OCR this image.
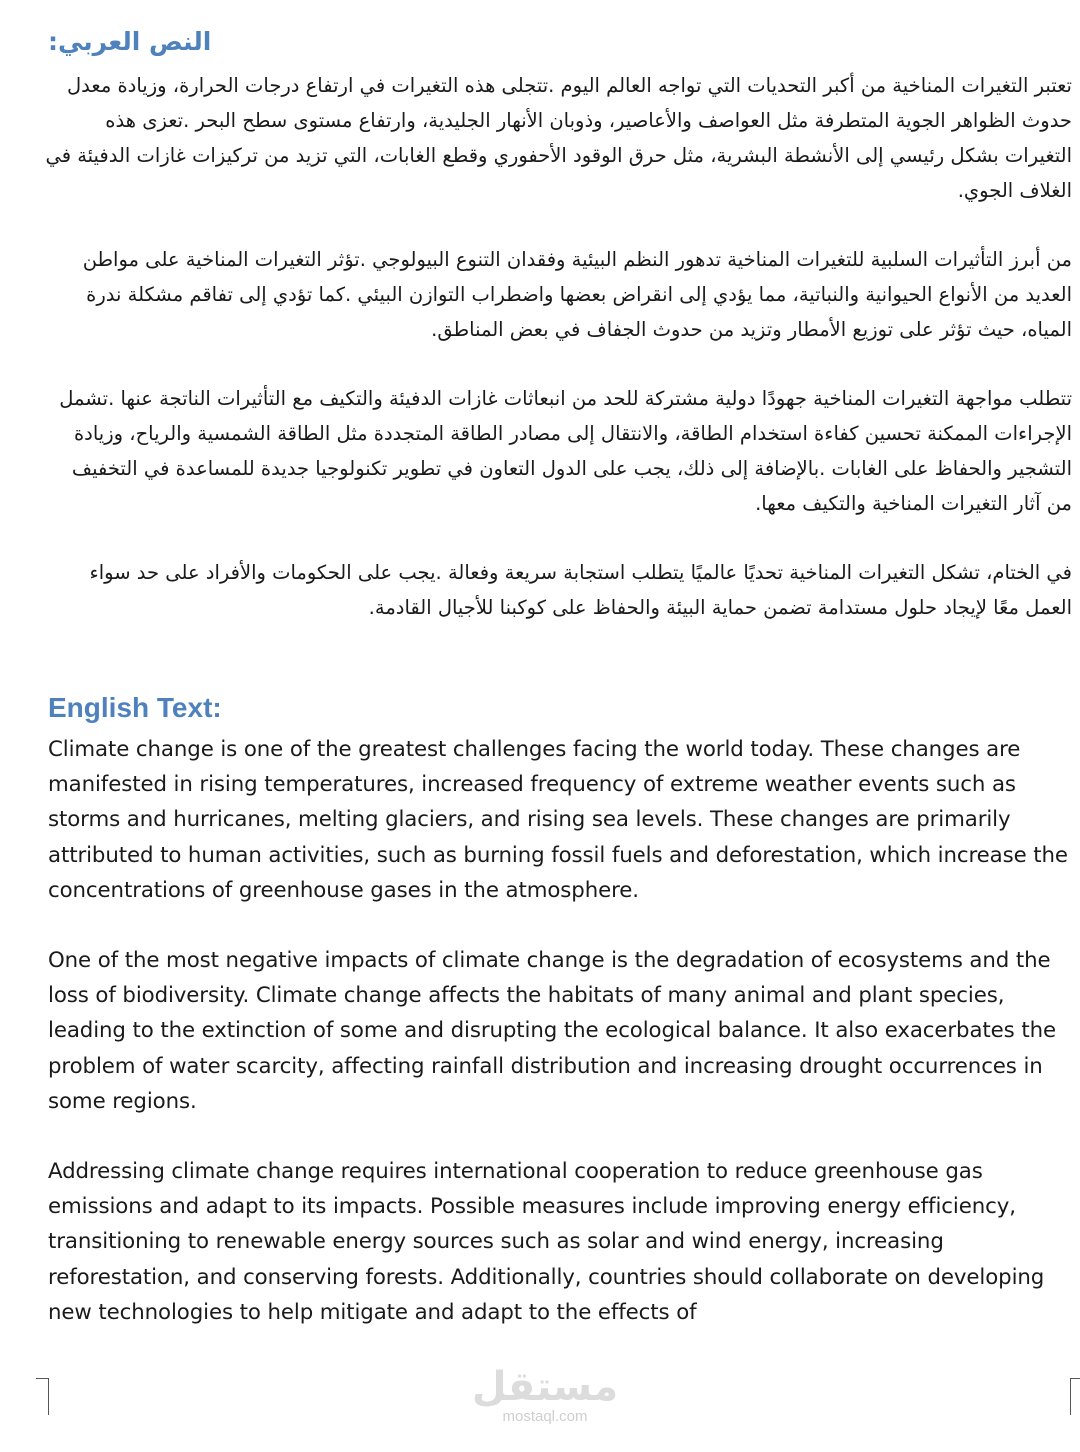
النص العربي:

تعتبر التغيرات المناخية من أكبر التحديات التي تواجه العالم اليوم .تتجلى هذه التغيرات في ارتفاع درجات الحرارة، وزيادة معدل حدوث الظواهر الجوية المتطرفة مثل العواصف والأعاصير، وذوبان الأنهار الجليدية، وارتفاع مستوى سطح البحر .تعزى هذه التغيرات بشكل رئيسي إلى الأنشطة البشرية، مثل حرق الوقود الأحفوري وقطع الغابات، التي تزيد من تركيزات غازات الدفيئة في الغلاف الجوي.

من أبرز التأثيرات السلبية للتغيرات المناخية تدهور النظم البيئية وفقدان التنوع البيولوجي .تؤثر التغيرات المناخية على مواطن العديد من الأنواع الحيوانية والنباتية، مما يؤدي إلى انقراض بعضها واضطراب التوازن البيئي .كما تؤدي إلى تفاقم مشكلة ندرة المياه، حيث تؤثر على توزيع الأمطار وتزيد من حدوث الجفاف في بعض المناطق.

تتطلب مواجهة التغيرات المناخية جهودًا دولية مشتركة للحد من انبعاثات غازات الدفيئة والتكيف مع التأثيرات الناتجة عنها .تشمل الإجراءات الممكنة تحسين كفاءة استخدام الطاقة، والانتقال إلى مصادر الطاقة المتجددة مثل الطاقة الشمسية والرياح، وزيادة التشجير والحفاظ على الغابات .بالإضافة إلى ذلك، يجب على الدول التعاون في تطوير تكنولوجيا جديدة للمساعدة في التخفيف من آثار التغيرات المناخية والتكيف معها.

في الختام، تشكل التغيرات المناخية تحديًا عالميًا يتطلب استجابة سريعة وفعالة .يجب على الحكومات والأفراد على حد سواء العمل معًا لإيجاد حلول مستدامة تضمن حماية البيئة والحفاظ على كوكبنا للأجيال القادمة.

English Text:

Climate change is one of the greatest challenges facing the world today. These changes are manifested in rising temperatures, increased frequency of extreme weather events such as storms and hurricanes, melting glaciers, and rising sea levels. These changes are primarily attributed to human activities, such as burning fossil fuels and deforestation, which increase the concentrations of greenhouse gases in the atmosphere.

One of the most negative impacts of climate change is the degradation of ecosystems and the loss of biodiversity. Climate change affects the habitats of many animal and plant species, leading to the extinction of some and disrupting the ecological balance. It also exacerbates the problem of water scarcity, affecting rainfall distribution and increasing drought occurrences in some regions.

Addressing climate change requires international cooperation to reduce greenhouse gas emissions and adapt to its impacts. Possible measures include improving energy efficiency, transitioning to renewable energy sources such as solar and wind energy, increasing reforestation, and conserving forests. Additionally, countries should collaborate on developing new technologies to help mitigate and adapt to the effects of

مستقل
mostaql.com
